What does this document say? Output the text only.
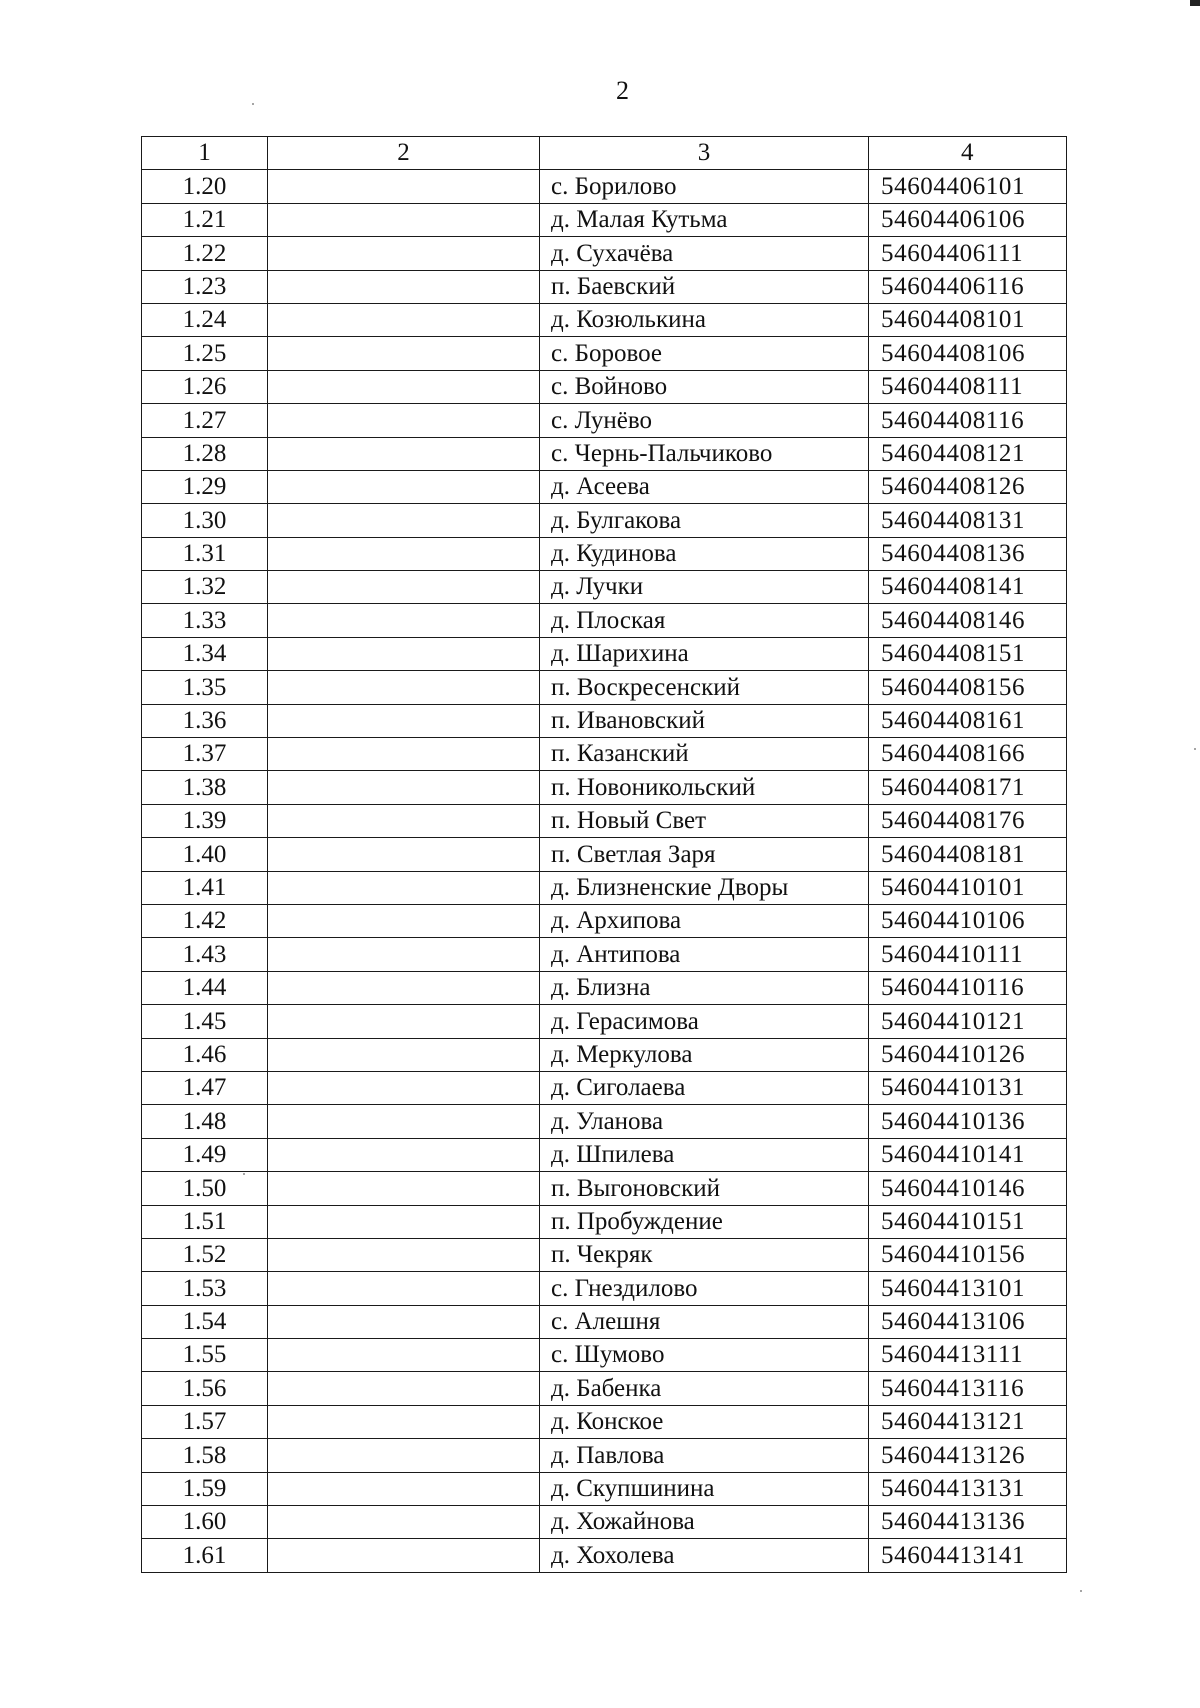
2
1	2	3	4
1.20		с. Борилово	54604406101
1.21		д. Малая Кутьма	54604406106
1.22		д. Сухачёва	54604406111
1.23		п. Баевский	54604406116
1.24		д. Козюлькина	54604408101
1.25		с. Боровое	54604408106
1.26		с. Войново	54604408111
1.27		с. Лунёво	54604408116
1.28		с. Чернь-Пальчиково	54604408121
1.29		д. Асеева	54604408126
1.30		д. Булгакова	54604408131
1.31		д. Кудинова	54604408136
1.32		д. Лучки	54604408141
1.33		д. Плоская	54604408146
1.34		д. Шарихина	54604408151
1.35		п. Воскресенский	54604408156
1.36		п. Ивановский	54604408161
1.37		п. Казанский	54604408166
1.38		п. Новоникольский	54604408171
1.39		п. Новый Свет	54604408176
1.40		п. Светлая Заря	54604408181
1.41		д. Близненские Дворы	54604410101
1.42		д. Архипова	54604410106
1.43		д. Антипова	54604410111
1.44		д. Близна	54604410116
1.45		д. Герасимова	54604410121
1.46		д. Меркулова	54604410126
1.47		д. Сиголаева	54604410131
1.48		д. Уланова	54604410136
1.49		д. Шпилева	54604410141
1.50		п. Выгоновский	54604410146
1.51		п. Пробуждение	54604410151
1.52		п. Чекряк	54604410156
1.53		с. Гнездилово	54604413101
1.54		с. Алешня	54604413106
1.55		с. Шумово	54604413111
1.56		д. Бабенка	54604413116
1.57		д. Конское	54604413121
1.58		д. Павлова	54604413126
1.59		д. Скупшинина	54604413131
1.60		д. Хожайнова	54604413136
1.61		д. Хохолева	54604413141
